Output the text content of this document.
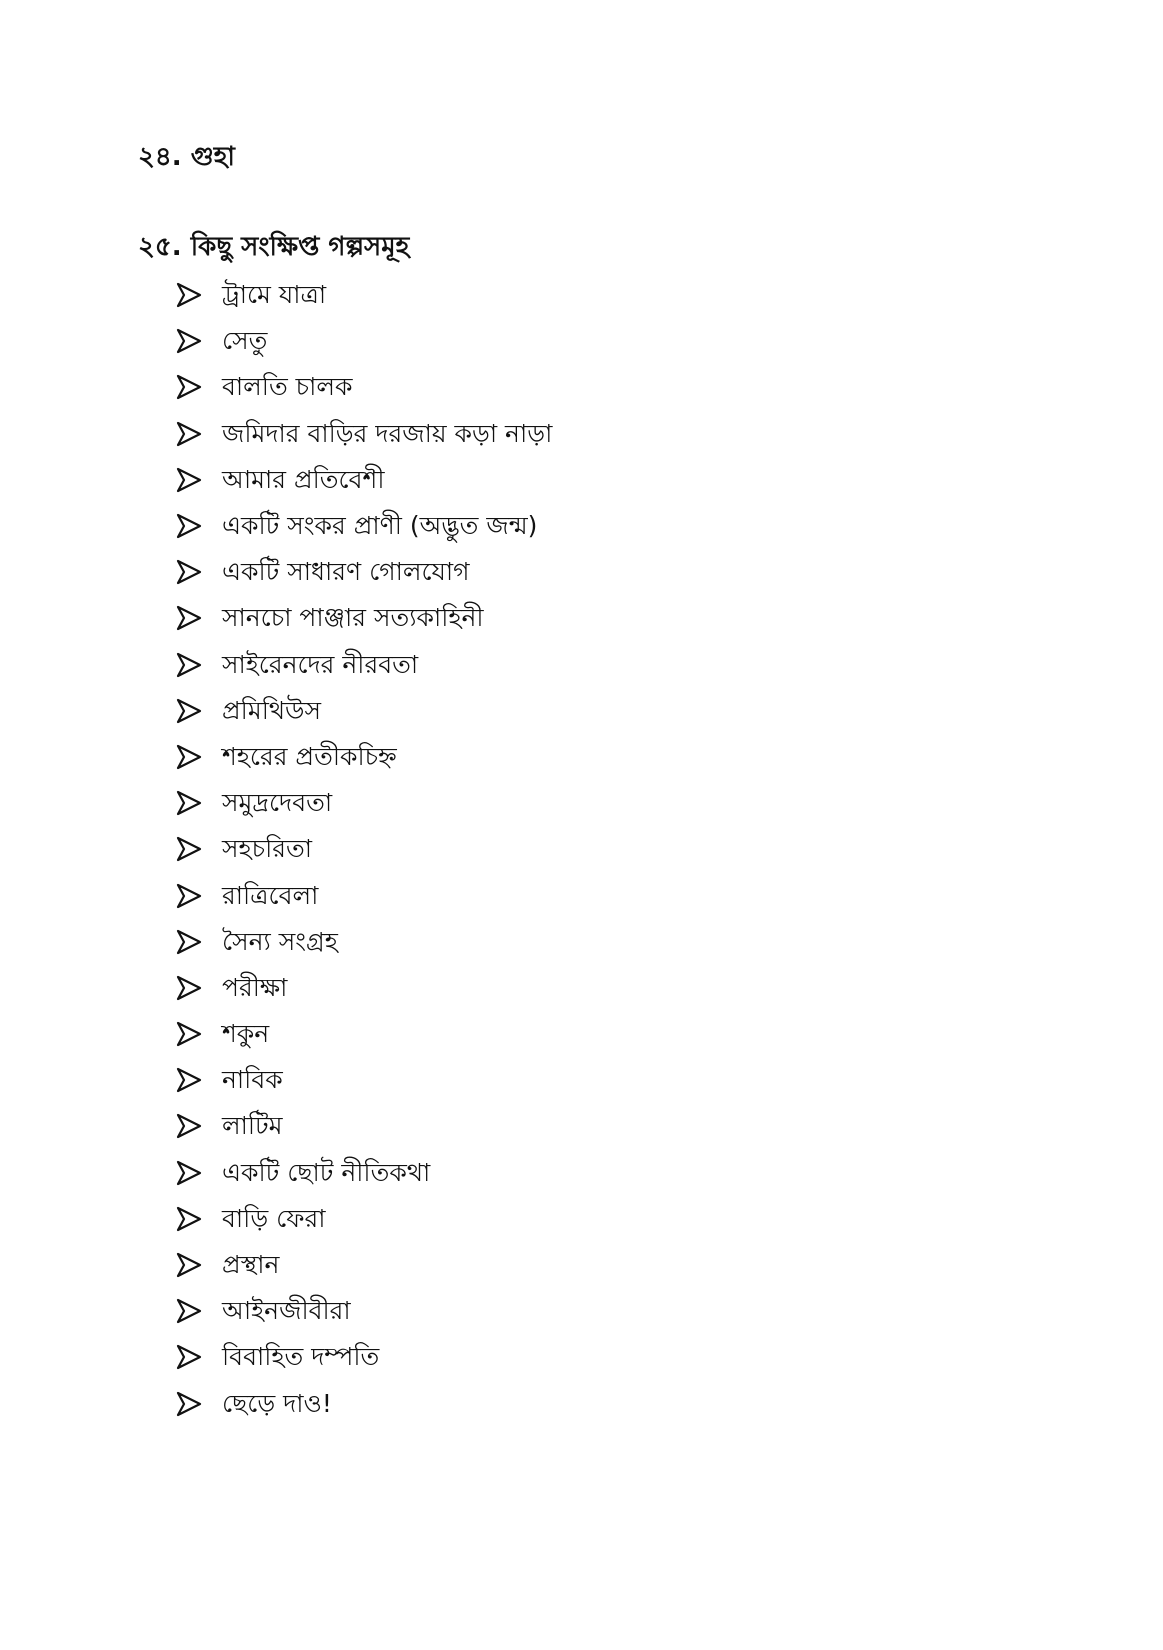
২৪. গুহা
২৫. কিছু সংক্ষিপ্ত গল্পসমূহ
ট্রামে যাত্রা
সেতু
বালতি চালক
জমিদার বাড়ির দরজায় কড়া নাড়া
আমার প্রতিবেশী
একটি সংকর প্রাণী (অদ্ভুত জন্ম)
একটি সাধারণ গোলযোগ
সানচো পাঞ্জার সত্যকাহিনী
সাইরেনদের নীরবতা
প্রমিথিউস
শহরের প্রতীকচিহ্ন
সমুদ্রদেবতা
সহচরিতা
রাত্রিবেলা
সৈন্য সংগ্রহ
পরীক্ষা
শকুন
নাবিক
লাটিম
একটি ছোট নীতিকথা
বাড়ি ফেরা
প্রস্থান
আইনজীবীরা
বিবাহিত দম্পতি
ছেড়ে দাও!
